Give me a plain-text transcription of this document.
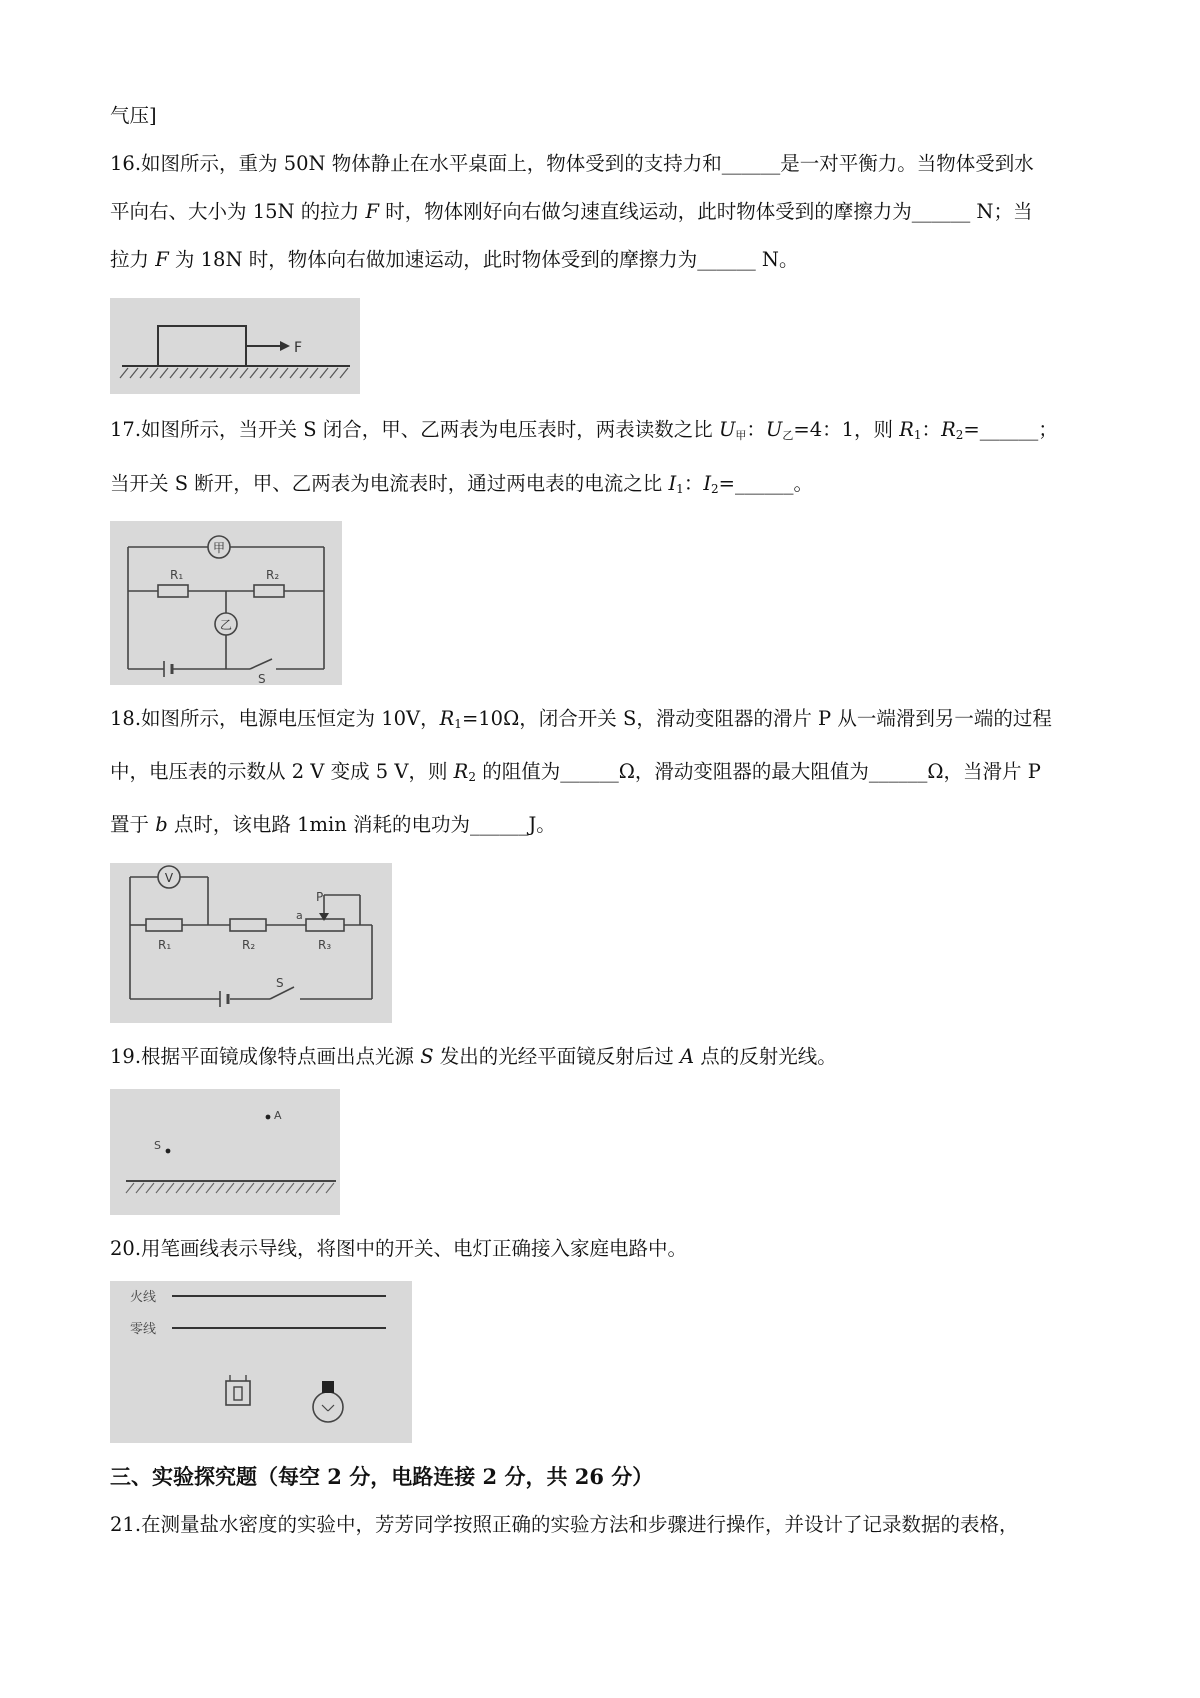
气压]

16.如图所示，重为 50N 物体静止在水平桌面上，物体受到的支持力和______是一对平衡力。当物体受到水

平向右、大小为 15N 的拉力 F 时，物体刚好向右做匀速直线运动，此时物体受到的摩擦力为______ N；当

拉力 F 为 18N 时，物体向右做加速运动，此时物体受到的摩擦力为______ N。

F

17.如图所示，当开关 S 闭合，甲、乙两表为电压表时，两表读数之比 U甲：U乙=4：1，则 $R_1$：$R_2=\_\_\_\_\_\_$；

当开关 S 断开，甲、乙两表为电流表时，通过两电表的电流之比 $I_1$：$I_2=\_\_\_\_\_\_$。

甲
乙
R₁	R₂
S

18.如图所示，电源电压恒定为 10V，$R_1=10\Omega$，闭合开关 S，滑动变阻器的滑片 P 从一端滑到另一端的过程

中，电压表的示数从 2 V 变成 5 V，则 $R_2$ 的阻值为______Ω，滑动变阻器的最大阻值为______Ω，当滑片 P

置于 b 点时，该电路 1min 消耗的电功为______J。

V
R₁	R₂	R₃
P
a
S

19.根据平面镜成像特点画出点光源 S 发出的光经平面镜反射后过 A 点的反射光线。

A
S

20.用笔画线表示导线，将图中的开关、电灯正确接入家庭电路中。

火线
零线

三、实验探究题（每空 2 分，电路连接 2 分，共 26 分）

21.在测量盐水密度的实验中，芳芳同学按照正确的实验方法和步骤进行操作，并设计了记录数据的表格，
